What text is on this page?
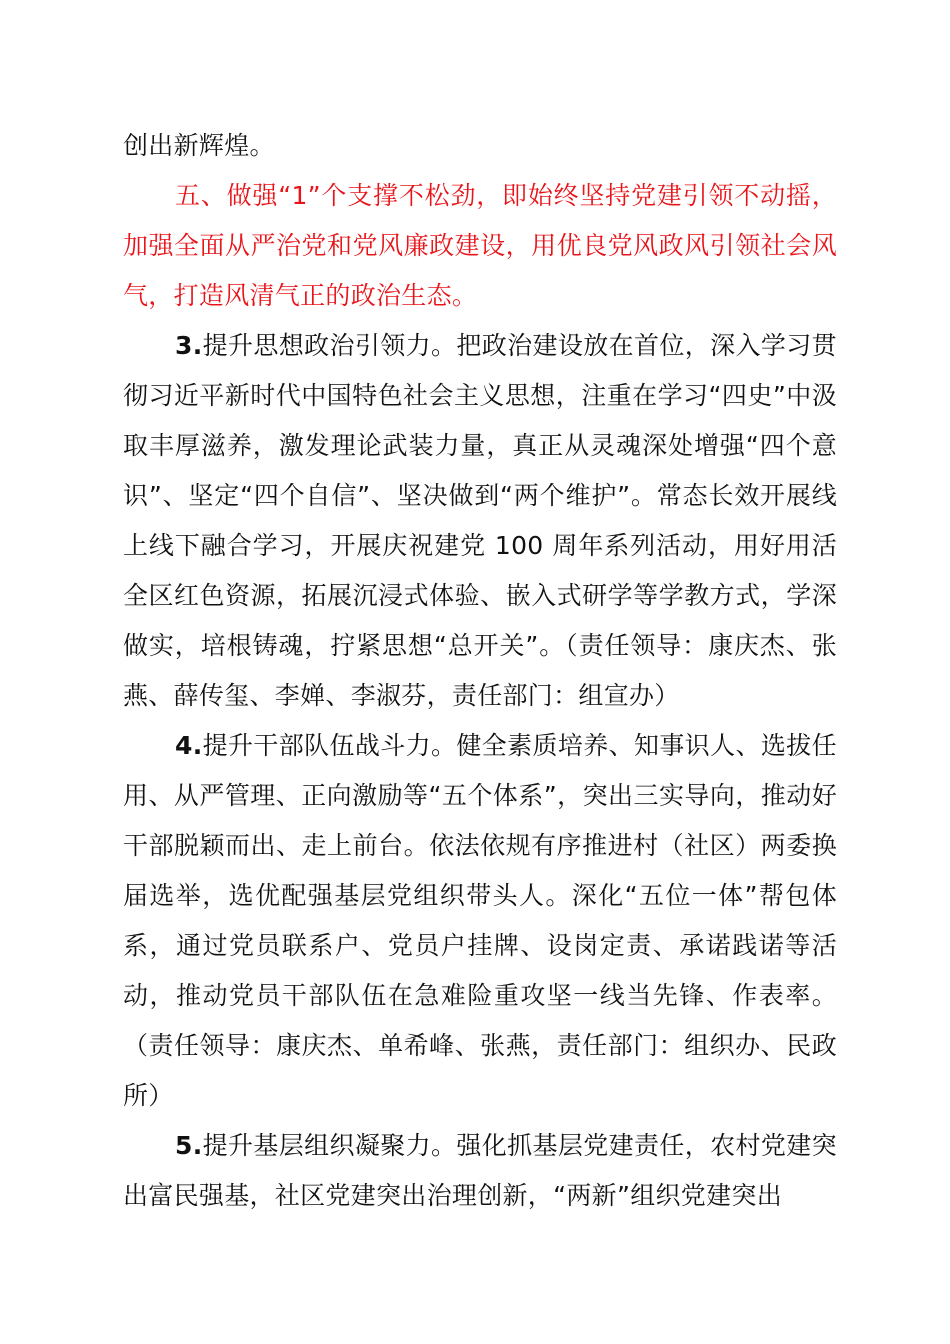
创出新辉煌。

五、做强“1”个支撑不松劲，即始终坚持党建引领不动摇，加强全面从严治党和党风廉政建设，用优良党风政风引领社会风气，打造风清气正的政治生态。

3.提升思想政治引领力。把政治建设放在首位，深入学习贯彻习近平新时代中国特色社会主义思想，注重在学习“四史”中汲取丰厚滋养，激发理论武装力量，真正从灵魂深处增强“四个意识”、坚定“四个自信”、坚决做到“两个维护”。常态长效开展线上线下融合学习，开展庆祝建党 100 周年系列活动，用好用活全区红色资源，拓展沉浸式体验、嵌入式研学等学教方式，学深做实，培根铸魂，拧紧思想“总开关”。（责任领导：康庆杰、张燕、薛传玺、李婵、李淑芬，责任部门：组宣办）

4.提升干部队伍战斗力。健全素质培养、知事识人、选拔任用、从严管理、正向激励等“五个体系”，突出三实导向，推动好干部脱颖而出、走上前台。依法依规有序推进村（社区）两委换届选举，选优配强基层党组织带头人。深化“五位一体”帮包体系，通过党员联系户、党员户挂牌、设岗定责、承诺践诺等活动，推动党员干部队伍在急难险重攻坚一线当先锋、作表率。（责任领导：康庆杰、单希峰、张燕，责任部门：组织办、民政所）

5.提升基层组织凝聚力。强化抓基层党建责任，农村党建突出富民强基，社区党建突出治理创新，“两新”组织党建突出
